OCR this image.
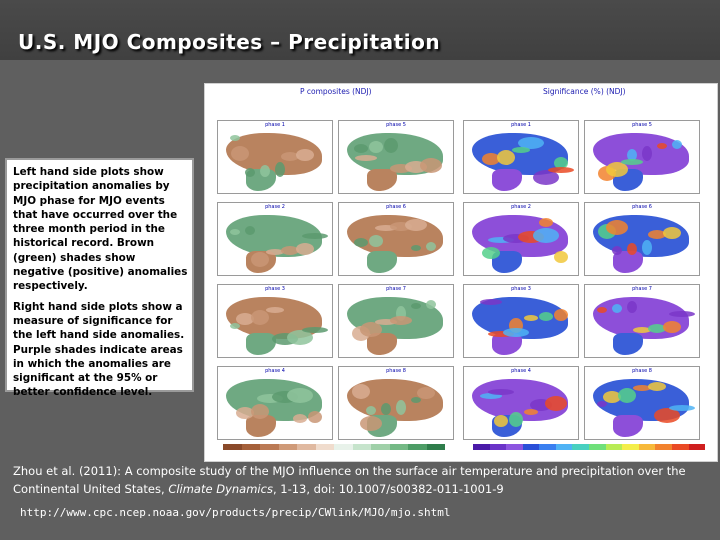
U.S. MJO Composites – Precipitation
P composites (NDJ)	Significance (%) (NDJ)
phase 1	phase 5	phase 1	phase 5
phase 2	phase 6	phase 2	phase 6
phase 3	phase 7	phase 3	phase 7
phase 4	phase 8	phase 4	phase 8

Left hand side plots show precipitation anomalies by MJO phase for MJO events that have occurred over the three month period in the historical record. Brown (green) shades show negative (positive) anomalies respectively.

Right hand side plots show a measure of significance for the left hand side anomalies. Purple shades indicate areas in which the anomalies are significant at the 95% or better confidence level.

Zhou et al. (2011): A composite study of the MJO influence on the surface air temperature and precipitation over the Continental United States, Climate Dynamics, 1-13, doi: 10.1007/s00382-011-1001-9

http://www.cpc.ncep.noaa.gov/products/precip/CWlink/MJO/mjo.shtml
